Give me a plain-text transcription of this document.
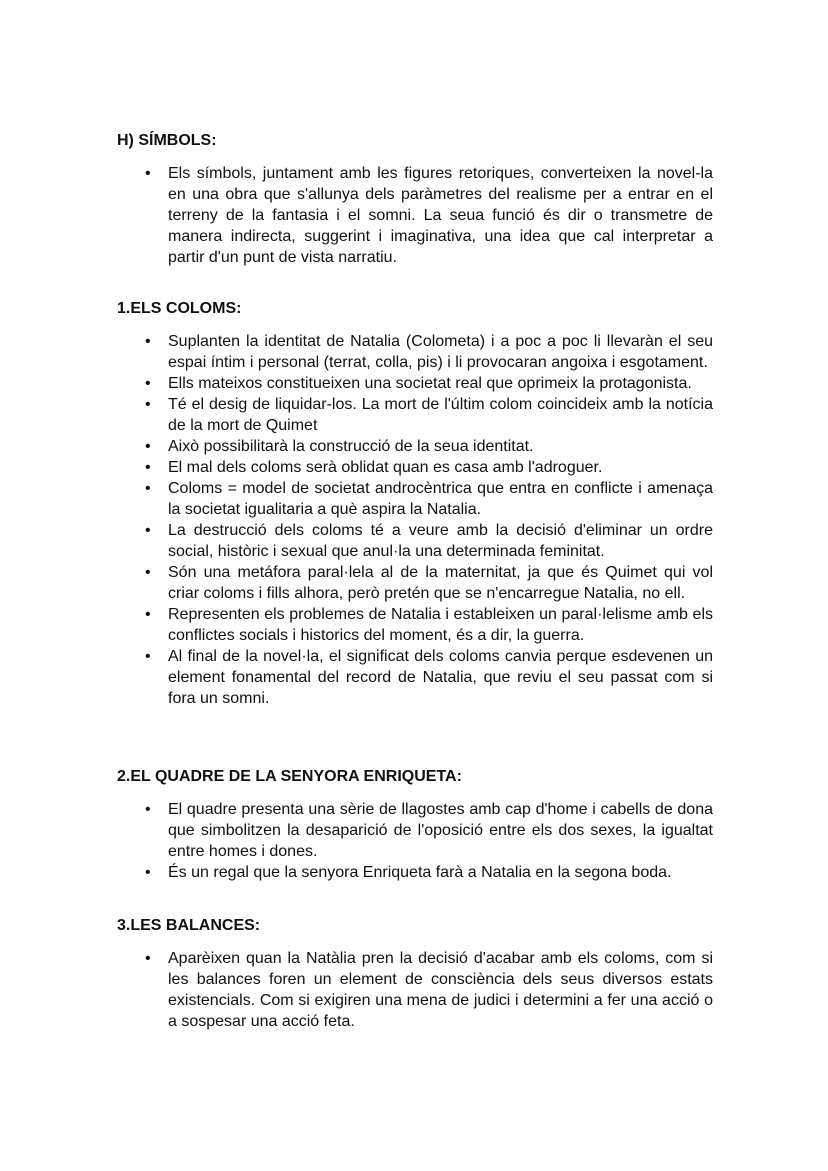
H) SÍMBOLS:
• Els símbols, juntament amb les figures retoriques, converteixen la novel-la en una obra que s'allunya dels paràmetres del realisme per a entrar en el terreny de la fantasia i el somni. La seua funció és dir o transmetre de manera indirecta, suggerint i imaginativa, una idea que cal interpretar a partir d'un punt de vista narratiu.
1.ELS COLOMS:
• Suplanten la identitat de Natalia (Colometa) i a poc a poc li llevaràn el seu espai íntim i personal (terrat, colla, pis) i li provocaran angoixa i esgotament.
• Ells mateixos constitueixen una societat real que oprimeix la protagonista.
• Té el desig de liquidar-los. La mort de l'últim colom coincideix amb la notícia de la mort de Quimet
• Això possibilitarà la construcció de la seua identitat.
• El mal dels coloms serà oblidat quan es casa amb l'adroguer.
• Coloms = model de societat androcèntrica que entra en conflicte i amenaça la societat igualitaria a què aspira la Natalia.
• La destrucció dels coloms té a veure amb la decisió d'eliminar un ordre social, històric i sexual que anul·la una determinada feminitat.
• Són una metáfora paral·lela al de la maternitat, ja que és Quimet qui vol criar coloms i fills alhora, però pretén que se n'encarregue Natalia, no ell.
• Representen els problemes de Natalia i estableixen un paral·lelisme amb els conflictes socials i historics del moment, és a dir, la guerra.
• Al final de la novel·la, el significat dels coloms canvia perque esdevenen un element fonamental del record de Natalia, que reviu el seu passat com si fora un somni.
2.EL QUADRE DE LA SENYORA ENRIQUETA:
• El quadre presenta una sèrie de llagostes amb cap d'home i cabells de dona que simbolitzen la desaparició de l'oposició entre els dos sexes, la igualtat entre homes i dones.
• És un regal que la senyora Enriqueta farà a Natalia en la segona boda.
3.LES BALANCES:
• Aparèixen quan la Natàlia pren la decisió d'acabar amb els coloms, com si les balances foren un element de consciència dels seus diversos estats existencials. Com si exigiren una mena de judici i determini a fer una acció o a sospesar una acció feta.
